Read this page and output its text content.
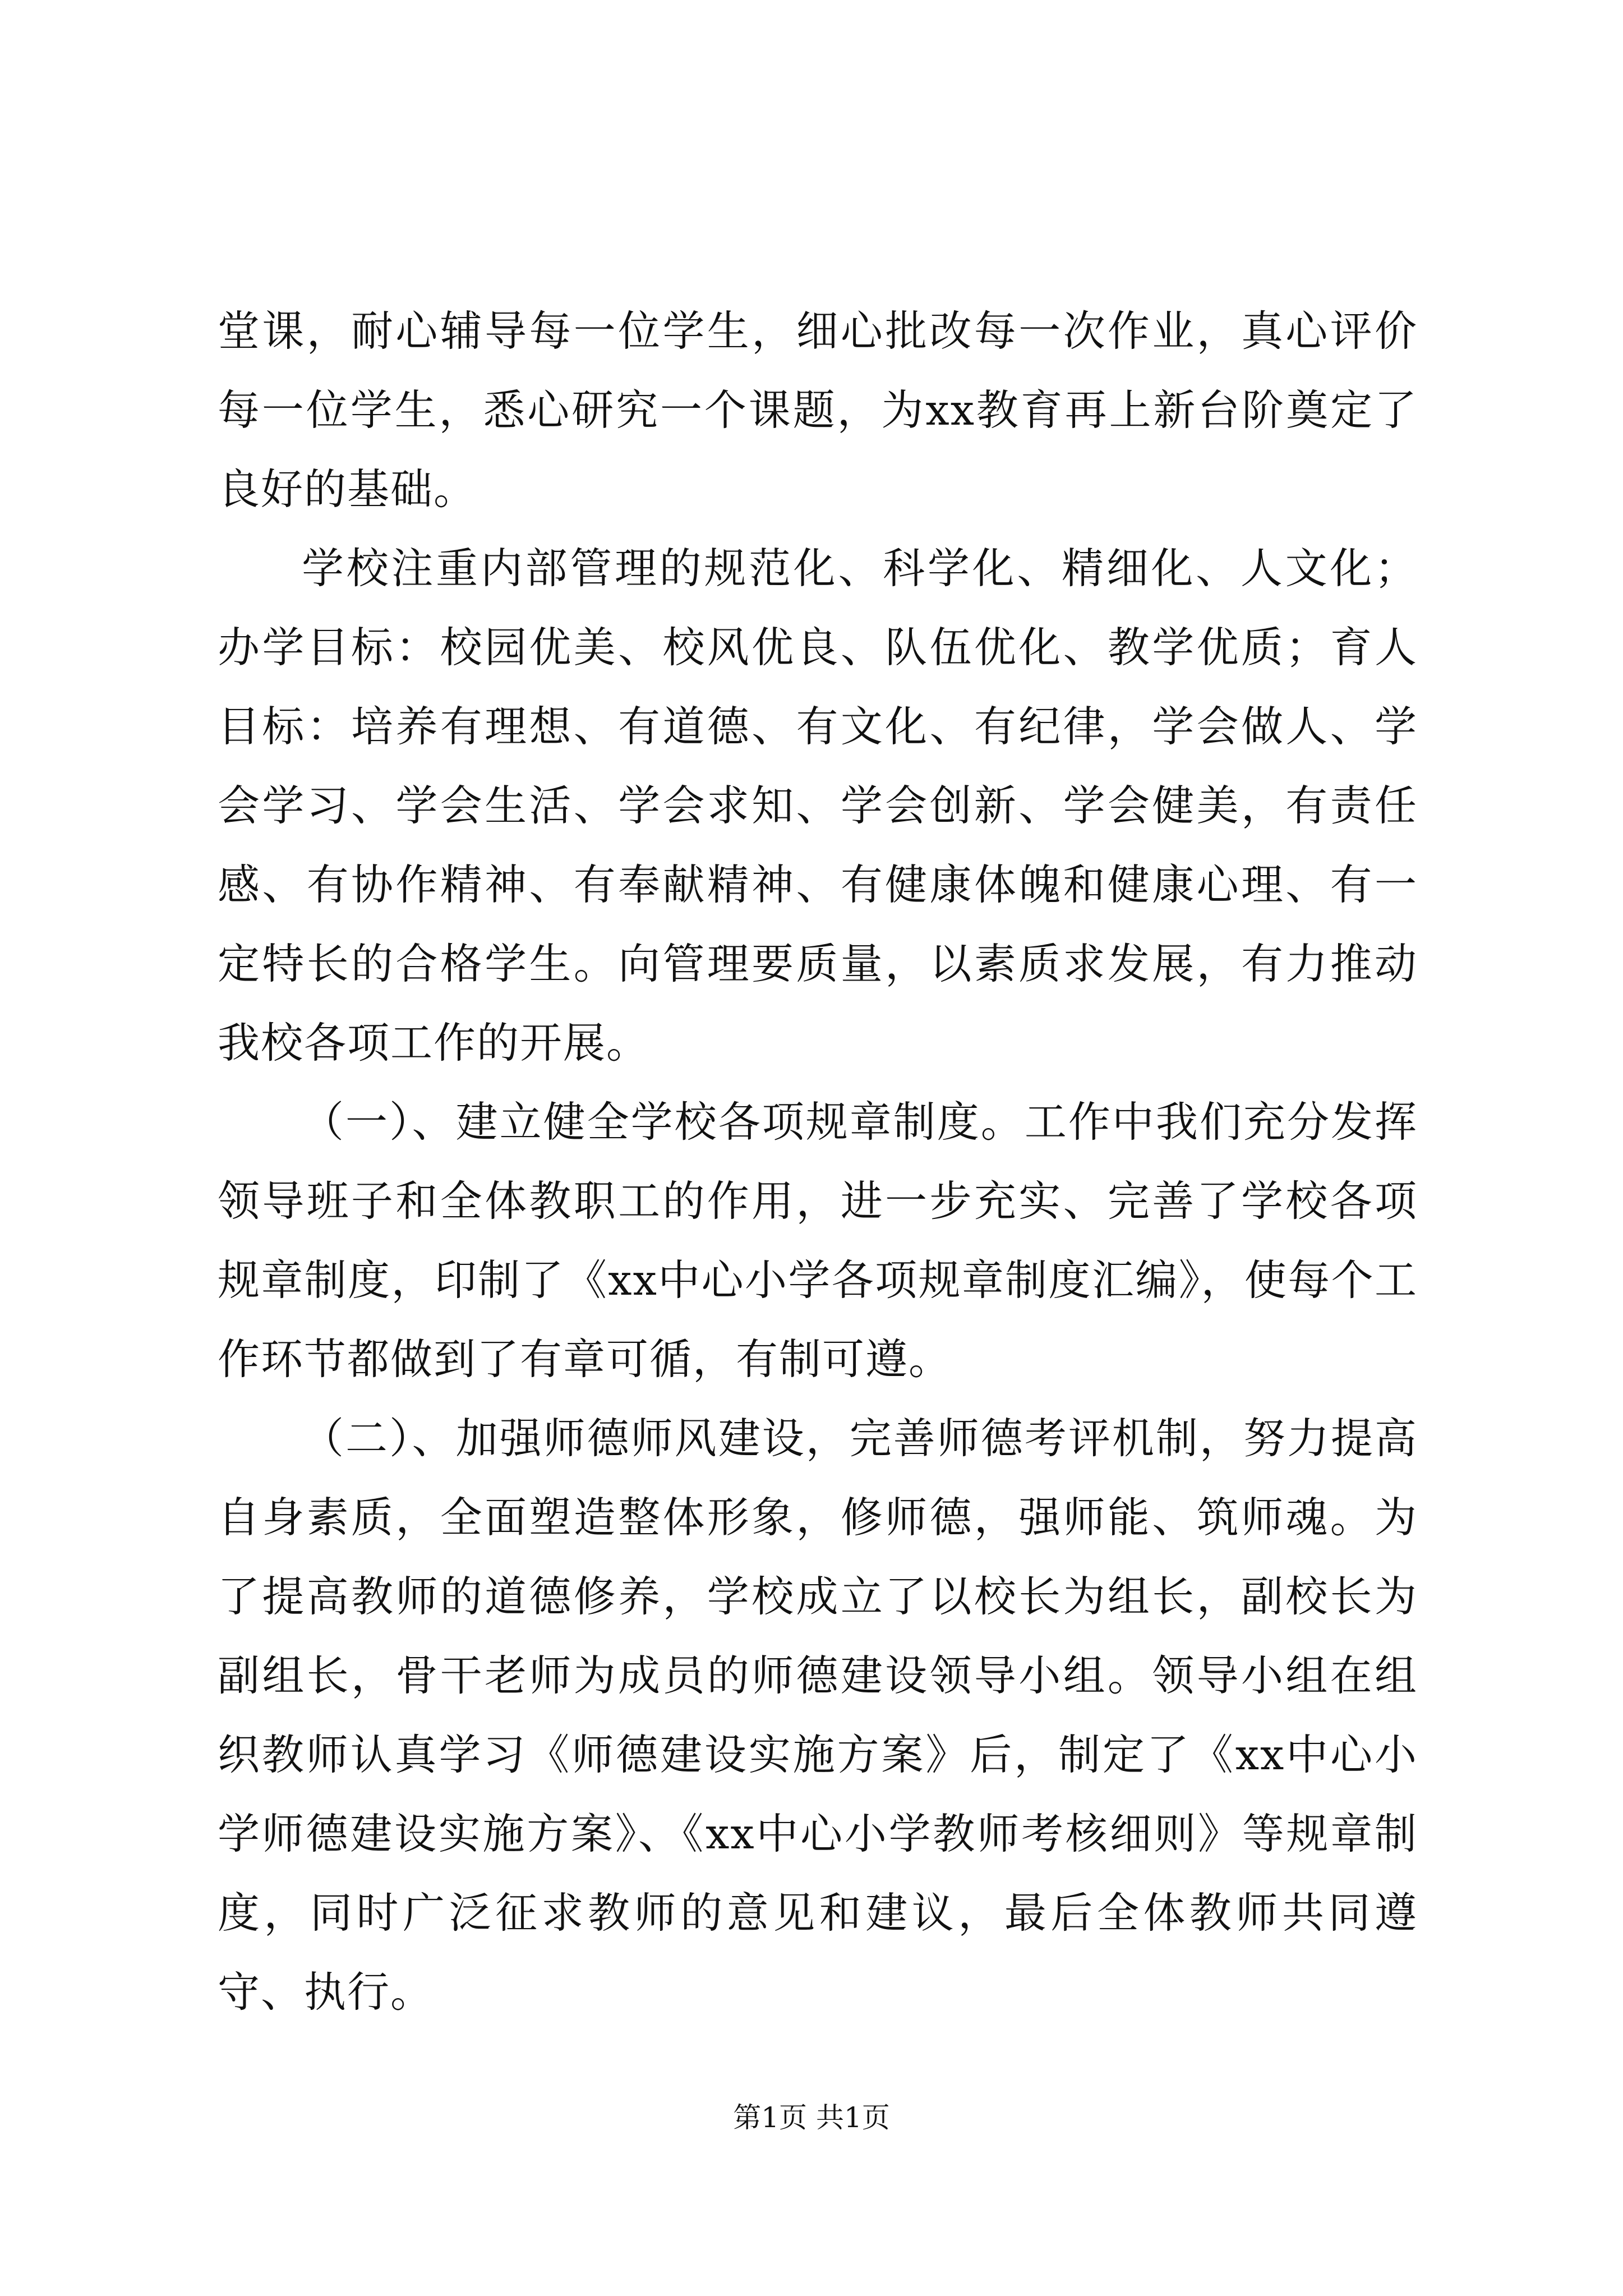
堂课，耐心辅导每一位学生，细心批改每一次作业，真心评价每一位学生，悉心研究一个课题，为xx教育再上新台阶奠定了良好的基础。

学校注重内部管理的规范化、科学化、精细化、人文化；办学目标：校园优美、校风优良、队伍优化、教学优质；育人目标：培养有理想、有道德、有文化、有纪律，学会做人、学会学习、学会生活、学会求知、学会创新、学会健美，有责任感、有协作精神、有奉献精神、有健康体魄和健康心理、有一定特长的合格学生。向管理要质量，以素质求发展，有力推动我校各项工作的开展。

（一）、建立健全学校各项规章制度。工作中我们充分发挥领导班子和全体教职工的作用，进一步充实、完善了学校各项规章制度，印制了《xx中心小学各项规章制度汇编》，使每个工作环节都做到了有章可循，有制可遵。

（二）、加强师德师风建设，完善师德考评机制，努力提高自身素质，全面塑造整体形象，修师德，强师能、筑师魂。为了提高教师的道德修养，学校成立了以校长为组长，副校长为副组长，骨干老师为成员的师德建设领导小组。领导小组在组织教师认真学习《师德建设实施方案》后，制定了《xx中心小学师德建设实施方案》、《xx中心小学教师考核细则》等规章制度，同时广泛征求教师的意见和建议，最后全体教师共同遵守、执行。

第1页 共1页
